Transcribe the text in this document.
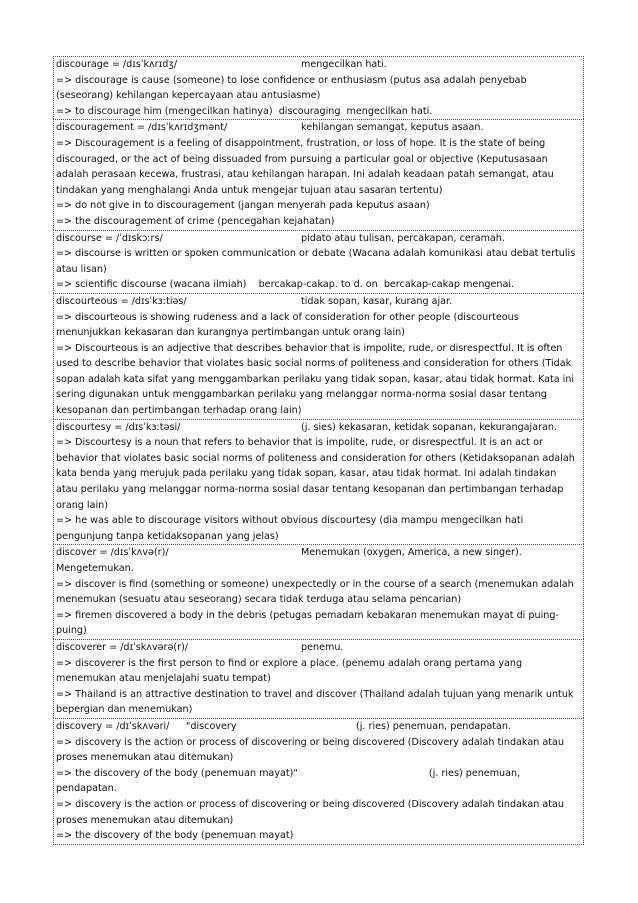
discourage = /dɪsˈkʌrɪdʒ/	mengecilkan hati.
=> discourage is cause (someone) to lose confidence or enthusiasm (putus asa adalah penyebab (seseorang) kehilangan kepercayaan atau antusiasme)
=> to discourage him (mengecilkan hatinya)  discouraging  mengecilkan hati.
discouragement = /dɪsˈkʌrɪdʒmənt/	kehilangan semangat, keputus asaan.
=> Discouragement is a feeling of disappointment, frustration, or loss of hope. It is the state of being discouraged, or the act of being dissuaded from pursuing a particular goal or objective (Keputusasaan adalah perasaan kecewa, frustrasi, atau kehilangan harapan. Ini adalah keadaan patah semangat, atau tindakan yang menghalangi Anda untuk mengejar tujuan atau sasaran tertentu)
=> do not give in to discouragement (jangan menyerah pada keputus asaan)
=> the discouragement of crime (pencegahan kejahatan)
discourse = /ˈdɪskɔːrs/	pidato atau tulisan, percakapan, ceramah.
=> discourse is written or spoken communication or debate (Wacana adalah komunikasi atau debat tertulis atau lisan)
=> scientific discourse (wacana ilmiah)    bercakap-cakap. to d. on  bercakap-cakap mengenai.
discourteous = /dɪsˈkɜːtiəs/	tidak sopan, kasar, kurang ajar.
=> discourteous is showing rudeness and a lack of consideration for other people (discourteous menunjukkan kekasaran dan kurangnya pertimbangan untuk orang lain)
=> Discourteous is an adjective that describes behavior that is impolite, rude, or disrespectful. It is often used to describe behavior that violates basic social norms of politeness and consideration for others (Tidak sopan adalah kata sifat yang menggambarkan perilaku yang tidak sopan, kasar, atau tidak hormat. Kata ini sering digunakan untuk menggambarkan perilaku yang melanggar norma-norma sosial dasar tentang kesopanan dan pertimbangan terhadap orang lain)
discourtesy = /dɪsˈkɜːtəsi/	(j. sies) kekasaran, ketidak sopanan, kekurangajaran.
=> Discourtesy is a noun that refers to behavior that is impolite, rude, or disrespectful. It is an act or behavior that violates basic social norms of politeness and consideration for others (Ketidaksopanan adalah kata benda yang merujuk pada perilaku yang tidak sopan, kasar, atau tidak hormat. Ini adalah tindakan atau perilaku yang melanggar norma-norma sosial dasar tentang kesopanan dan pertimbangan terhadap orang lain)
=> he was able to discourage visitors without obvious discourtesy (dia mampu mengecilkan hati pengunjung tanpa ketidaksopanan yang jelas)
discover = /dɪsˈkʌvə(r)/	Menemukan (oxygen, America, a new singer).
Mengetemukan.
=> discover is find (something or someone) unexpectedly or in the course of a search (menemukan adalah menemukan (sesuatu atau seseorang) secara tidak terduga atau selama pencarian)
=> firemen discovered a body in the debris (petugas pemadam kebakaran menemukan mayat di puing-puing)
discoverer = /dɪˈskʌvərə(r)/	penemu.
=> discoverer is the first person to find or explore a place. (penemu adalah orang pertama yang menemukan atau menjelajahi suatu tempat)
=> Thailand is an attractive destination to travel and discover (Thailand adalah tujuan yang menarik untuk bepergian dan menemukan)
discovery = /dɪˈskʌvəri/ "discovery	(j. ries) penemuan, pendapatan.
=> discovery is the action or process of discovering or being discovered (Discovery adalah tindakan atau proses menemukan atau ditemukan)
=> the discovery of the body (penemuan mayat)"                                           (j. ries) penemuan, pendapatan.
=> discovery is the action or process of discovering or being discovered (Discovery adalah tindakan atau proses menemukan atau ditemukan)
=> the discovery of the body (penemuan mayat)
